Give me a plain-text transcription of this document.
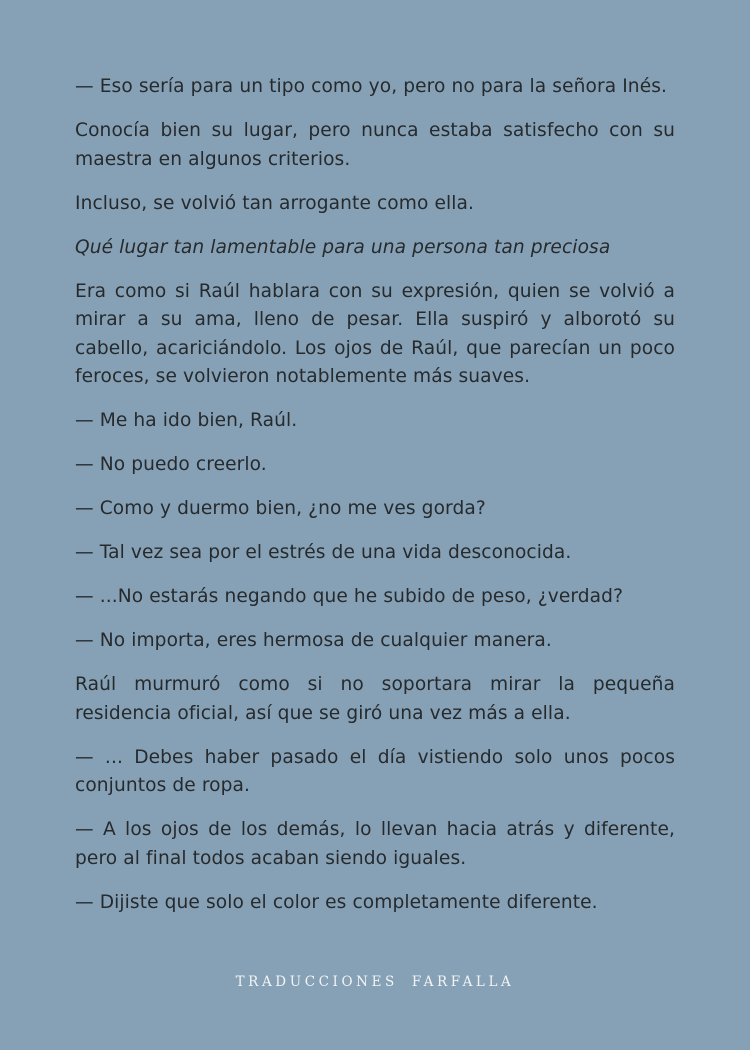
— Eso sería para un tipo como yo, pero no para la señora Inés.

Conocía bien su lugar, pero nunca estaba satisfecho con su maestra en algunos criterios.

Incluso, se volvió tan arrogante como ella.

Qué lugar tan lamentable para una persona tan preciosa

Era como si Raúl hablara con su expresión, quien se volvió a mirar a su ama, lleno de pesar. Ella suspiró y alborotó su cabello, acariciándolo. Los ojos de Raúl, que parecían un poco feroces, se volvieron notablemente más suaves.

— Me ha ido bien, Raúl.

— No puedo creerlo.

— Como y duermo bien, ¿no me ves gorda?

— Tal vez sea por el estrés de una vida desconocida.

— ...No estarás negando que he subido de peso, ¿verdad?

— No importa, eres hermosa de cualquier manera.

Raúl murmuró como si no soportara mirar la pequeña residencia oficial, así que se giró una vez más a ella.

— ... Debes haber pasado el día vistiendo solo unos pocos conjuntos de ropa.

— A los ojos de los demás, lo llevan hacia atrás y diferente, pero al final todos acaban siendo iguales.

— Dijiste que solo el color es completamente diferente.

TRADUCCIONES FARFALLA
